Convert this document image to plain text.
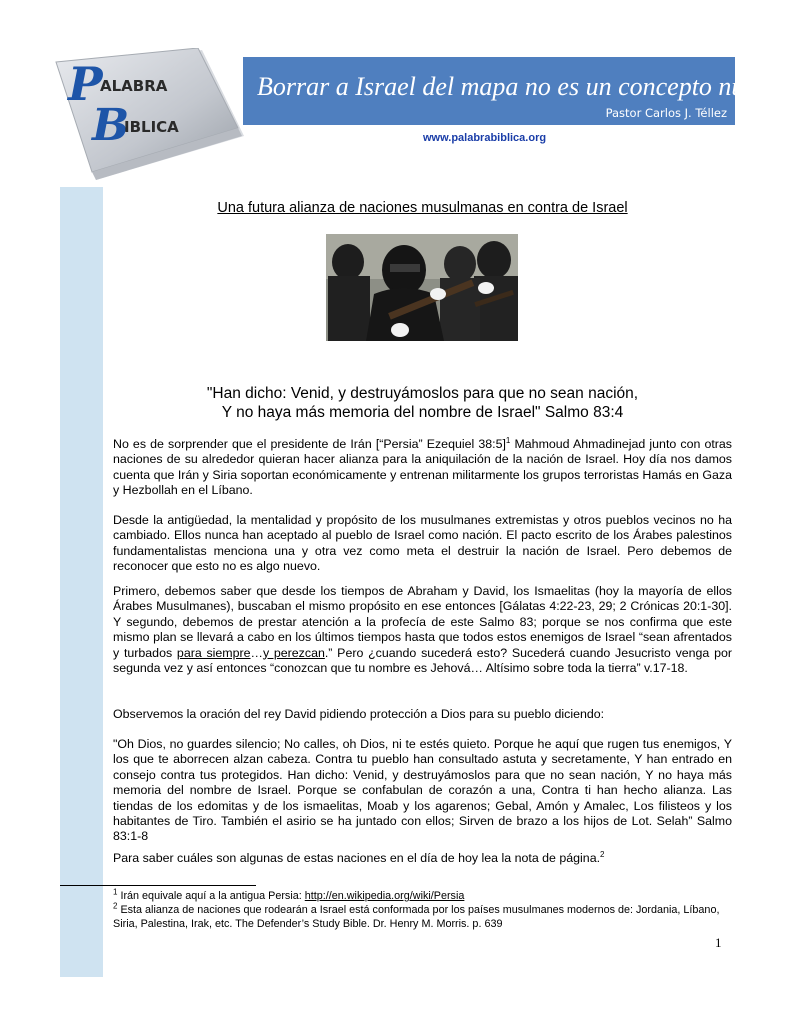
P
ALABRA
B
IBLICA
Borrar a Israel del mapa no es un concepto nuevo
Pastor Carlos J. Téllez
www.palabrabiblica.org
Una futura alianza de naciones musulmanas en contra de Israel
"Han dicho: Venid, y destruyámoslos para que no sean nación,
Y no haya más memoria del nombre de Israel" Salmo 83:4
No es de sorprender que el presidente de Irán [“Persia” Ezequiel 38:5]$^1$ Mahmoud Ahmadinejad junto con otras naciones de su alrededor quieran hacer alianza para la aniquilación de la nación de Israel. Hoy día nos damos cuenta que Irán y Siria soportan económicamente y entrenan militarmente los grupos terroristas Hamás en Gaza y Hezbollah en el Líbano.
Desde la antigüedad, la mentalidad y propósito de los musulmanes extremistas y otros pueblos vecinos no ha cambiado. Ellos nunca han aceptado al pueblo de Israel como nación. El pacto escrito de los Árabes palestinos fundamentalistas menciona una y otra vez como meta el destruir la nación de Israel. Pero debemos de reconocer que esto no es algo nuevo.
Primero, debemos saber que desde los tiempos de Abraham y David, los Ismaelitas (hoy la mayoría de ellos Árabes Musulmanes), buscaban el mismo propósito en ese entonces [Gálatas 4:22-23, 29; 2 Crónicas 20:1-30]. Y segundo, debemos de prestar atención a la profecía de este Salmo 83; porque se nos confirma que este mismo plan se llevará a cabo en los últimos tiempos hasta que todos estos enemigos de Israel “sean afrentados y turbados para siempre…y perezcan.” Pero ¿cuando sucederá esto? Sucederá cuando Jesucristo venga por segunda vez y así entonces “conozcan que tu nombre es Jehová… Altísimo sobre toda la tierra” v.17-18.
Observemos la oración del rey David pidiendo protección a Dios para su pueblo diciendo:
"Oh Dios, no guardes silencio; No calles, oh Dios, ni te estés quieto. Porque he aquí que rugen tus enemigos, Y los que te aborrecen alzan cabeza. Contra tu pueblo han consultado astuta y secretamente, Y han entrado en consejo contra tus protegidos. Han dicho: Venid, y destruyámoslos para que no sean nación, Y no haya más memoria del nombre de Israel. Porque se confabulan de corazón a una, Contra ti han hecho alianza. Las tiendas de los edomitas y de los ismaelitas, Moab y los agarenos; Gebal, Amón y Amalec, Los filisteos y los habitantes de Tiro. También el asirio se ha juntado con ellos; Sirven de brazo a los hijos de Lot. Selah” Salmo 83:1-8
Para saber cuáles son algunas de estas naciones en el día de hoy lea la nota de página.$^2$
$^1$ Irán equivale aquí a la antigua Persia: http://en.wikipedia.org/wiki/Persia
$^2$ Esta alianza de naciones que rodearán a Israel está conformada por los países musulmanes modernos de: Jordania, Líbano, Siria, Palestina, Irak, etc. The Defender’s Study Bible. Dr. Henry M. Morris. p. 639
1
